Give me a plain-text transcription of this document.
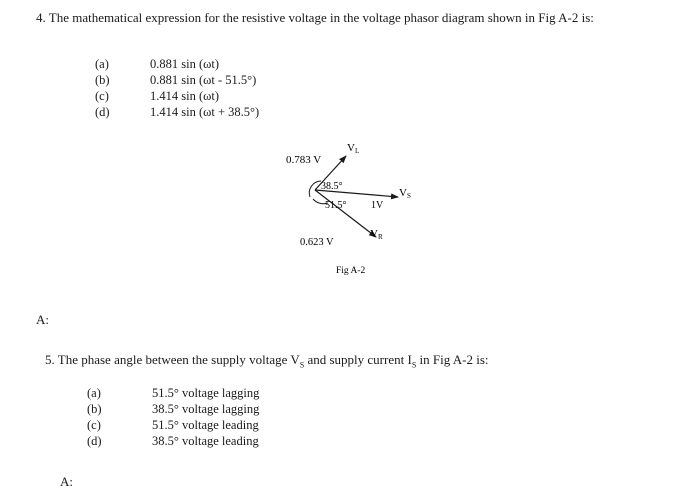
4. The mathematical expression for the resistive voltage in the voltage phasor diagram shown in Fig A-2 is:
(a)	0.881 sin (ωt)
(b)	0.881 sin (ωt - 51.5°)
(c)	1.414 sin (ωt)
(d)	1.414 sin (ωt + 38.5°)
0.783 V
VL
38.5°
51.5° 1V
VS
0.623 V
VR
Fig A-2
A:
5. The phase angle between the supply voltage $V_S$ and supply current $I_S$ in Fig A-2 is:
(a)	51.5° voltage lagging
(b)	38.5° voltage lagging
(c)	51.5° voltage leading
(d)	38.5° voltage leading
A:
